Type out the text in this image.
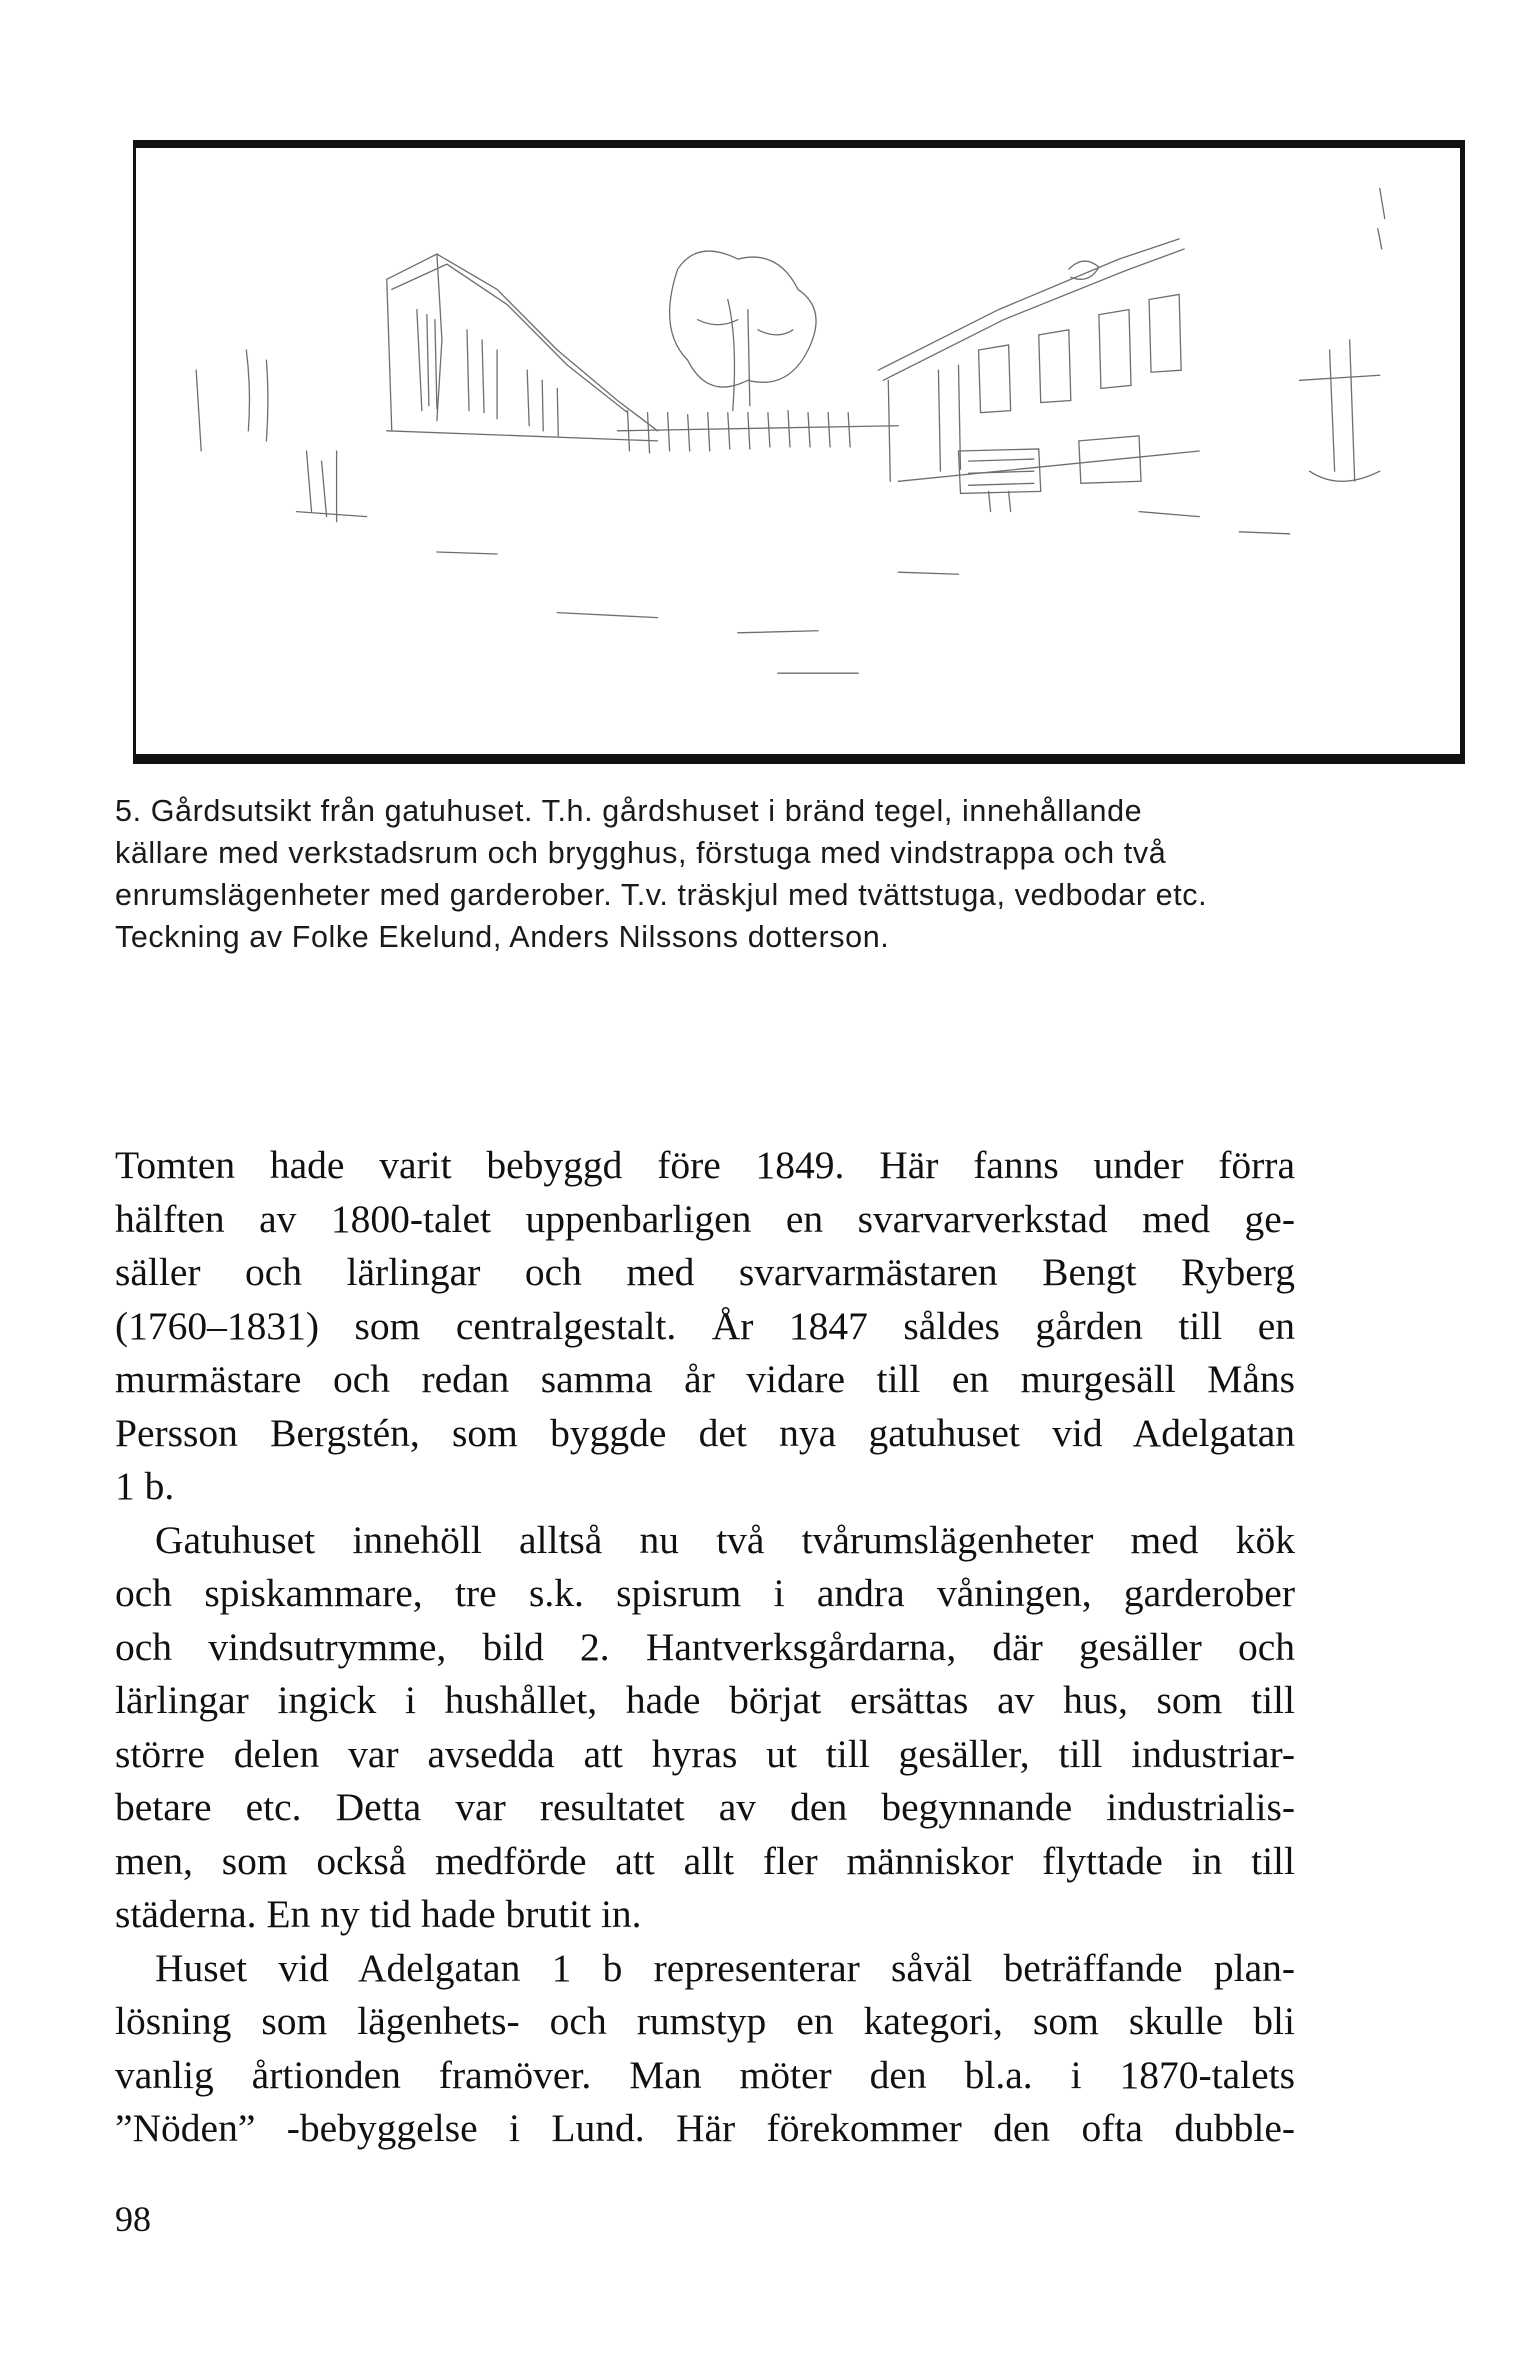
5. Gårdsutsikt från gatuhuset. T.h. gårdshuset i bränd tegel, innehållande
källare med verkstadsrum och brygghus, förstuga med vindstrappa och två
enrumslägenheter med garderober. T.v. träskjul med tvättstuga, vedbodar etc.
Teckning av Folke Ekelund, Anders Nilssons dotterson.
Tomten hade varit bebyggd före 1849. Här fanns under förra
hälften av 1800-talet uppenbarligen en svarvarverkstad med ge-
säller och lärlingar och med svarvarmästaren Bengt Ryberg
(1760–1831) som centralgestalt. År 1847 såldes gården till en
murmästare och redan samma år vidare till en murgesäll Måns
Persson Bergstén, som byggde det nya gatuhuset vid Adelgatan
1 b.
Gatuhuset innehöll alltså nu två tvårumslägenheter med kök
och spiskammare, tre s.k. spisrum i andra våningen, garderober
och vindsutrymme, bild 2. Hantverksgårdarna, där gesäller och
lärlingar ingick i hushållet, hade börjat ersättas av hus, som till
större delen var avsedda att hyras ut till gesäller, till industriar-
betare etc. Detta var resultatet av den begynnande industrialis-
men, som också medförde att allt fler människor flyttade in till
städerna. En ny tid hade brutit in.
Huset vid Adelgatan 1 b representerar såväl beträffande plan-
lösning som lägenhets- och rumstyp en kategori, som skulle bli
vanlig årtionden framöver. Man möter den bl.a. i 1870-talets
”Nöden” -bebyggelse i Lund. Här förekommer den ofta dubble-
98
